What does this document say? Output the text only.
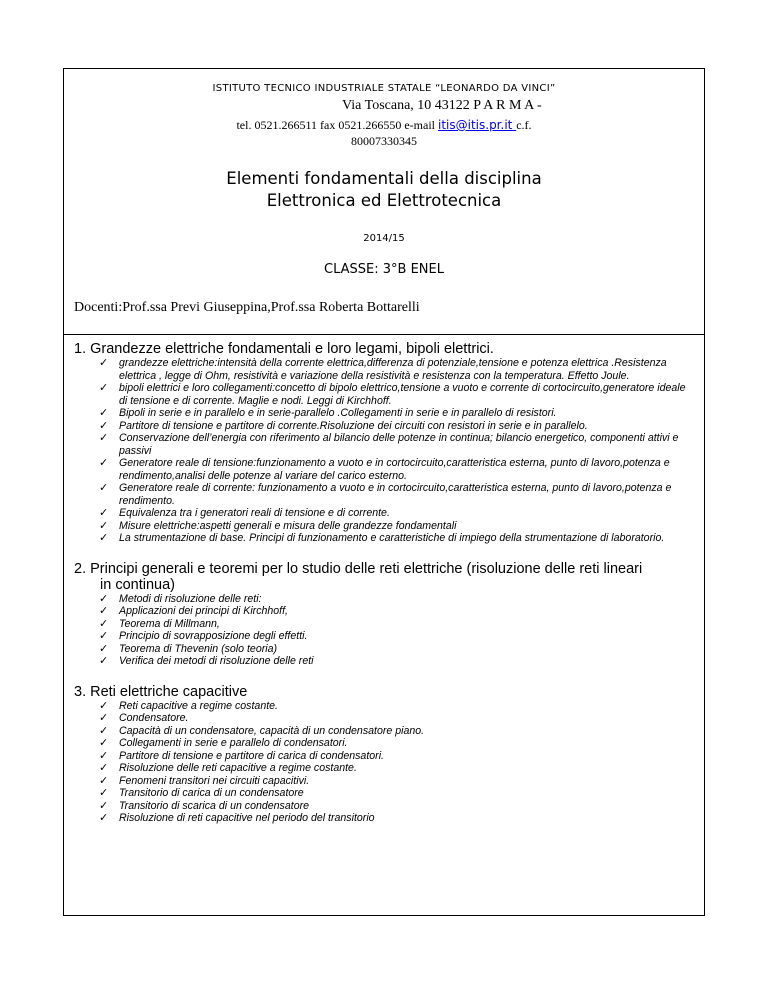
ISTITUTO TECNICO INDUSTRIALE STATALE “LEONARDO DA VINCI”
Via Toscana, 10 43122 P A R M A -
tel. 0521.266511 fax 0521.266550 e-mail itis@itis.pr.it c.f.
80007330345
Elementi fondamentali della disciplina
Elettronica ed Elettrotecnica
2014/15
CLASSE: 3°B ENEL
Docenti:Prof.ssa Previ Giuseppina,Prof.ssa Roberta Bottarelli
1. Grandezze elettriche fondamentali e loro legami, bipoli elettrici.
✓ grandezze elettriche:intensità della corrente elettrica,differenza di potenziale,tensione e potenza elettrica .Resistenza elettrica , legge di Ohm, resistività e variazione della resistività e resistenza con la temperatura. Effetto Joule.
✓ bipoli elettrici e loro collegamenti:concetto di bipolo elettrico,tensione a vuoto e corrente di cortocircuito,generatore ideale di tensione e di corrente. Maglie e nodi. Leggi di Kirchhoff.
✓ Bipoli in serie e in parallelo e in serie-parallelo .Collegamenti in serie e in parallelo di resistori.
✓ Partitore di tensione e partitore di corrente.Risoluzione dei circuiti con resistori in serie e in parallelo.
✓ Conservazione dell’energia con riferimento al bilancio delle potenze in continua; bilancio energetico, componenti attivi e passivi
✓ Generatore reale di tensione:funzionamento a vuoto e in cortocircuito,caratteristica esterna, punto di lavoro,potenza e rendimento,analisi delle potenze al variare del carico esterno.
✓ Generatore reale di corrente: funzionamento a vuoto e in cortocircuito,caratteristica esterna, punto di lavoro,potenza e rendimento.
✓ Equivalenza tra i generatori reali di tensione e di corrente.
✓ Misure elettriche:aspetti generali e misura delle grandezze fondamentali
✓ La strumentazione di base. Principi di funzionamento e caratteristiche di impiego della strumentazione di laboratorio.
2. Principi generali e teoremi per lo studio delle reti elettriche (risoluzione delle reti lineari
in continua)
✓ Metodi di risoluzione delle reti:
✓ Applicazioni dei principi di Kirchhoff,
✓ Teorema di Millmann,
✓ Principio di sovrapposizione degli effetti.
✓ Teorema di Thevenin (solo teoria)
✓ Verifica dei metodi di risoluzione delle reti
3. Reti elettriche capacitive
✓ Reti capacitive a regime costante.
✓ Condensatore.
✓ Capacità di un condensatore, capacità di un condensatore piano.
✓ Collegamenti in serie e parallelo di condensatori.
✓ Partitore di tensione e partitore di carica di condensatori.
✓ Risoluzione delle reti capacitive a regime costante.
✓ Fenomeni transitori nei circuiti capacitivi.
✓ Transitorio di carica di un condensatore
✓ Transitorio di scarica di un condensatore
✓ Risoluzione di reti capacitive nel periodo del transitorio
